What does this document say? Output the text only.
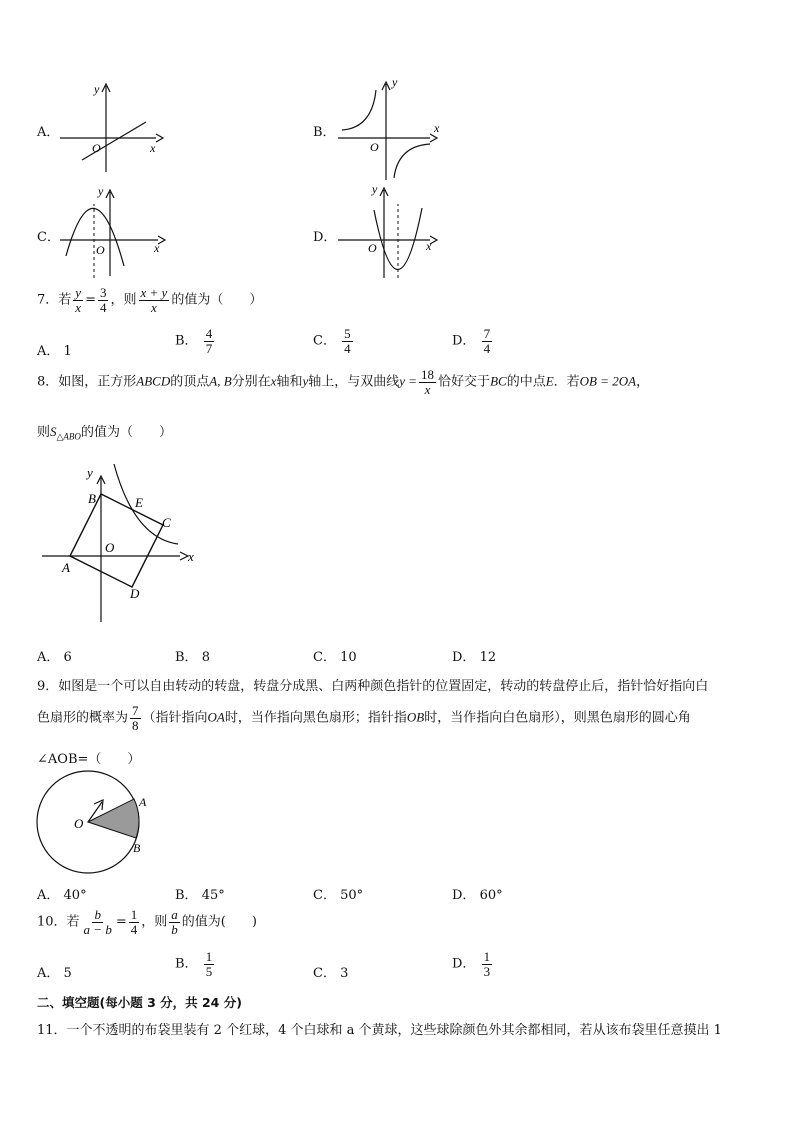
A．
y
O	x
B．
y
O
x
C．
y
O	x
D．
y
O	x
7．若 $\frac{y}{x} = \frac{3}{4}$ ，则 $\frac{x + y}{x}$ 的值为（　　）
A． 1
B． $\frac{4}{7}$	C． $\frac{5}{4}$	D． $\frac{7}{4}$
8．如图，正方形ABCD的顶点A, B分别在x轴和y轴上，与双曲线$y = \frac{18}{x}$ 恰好交于BC的中点E．若OB = 2OA，
则$S_{\triangle ABO}$的值为（　　）
y
x
B	E
C
O
A
D
A． 6	B． 8	C． 10	D． 12
9．如图是一个可以自由转动的转盘，转盘分成黑、白两种颜色指针的位置固定，转动的转盘停止后，指针恰好指向白
色扇形的概率为 $\frac{7}{8}$ （指针指向OA时，当作指向黑色扇形；指针指OB时，当作指向白色扇形），则黑色扇形的圆心角
∠AOB=（　　）
O
A
B
A． 40°	B． 45°	C． 50°	D． 60°
10．若 $\frac{b}{a - b} = \frac{1}{4}$ ，则 $\frac{a}{b}$ 的值为(　　)
A． 5
B． $\frac{1}{5}$	C． 3
D． $\frac{1}{3}$
二、填空题(每小题 3 分，共 24 分)
11．一个不透明的布袋里装有 2 个红球，4 个白球和 a 个黄球，这些球除颜色外其余都相同，若从该布袋里任意摸出 1
